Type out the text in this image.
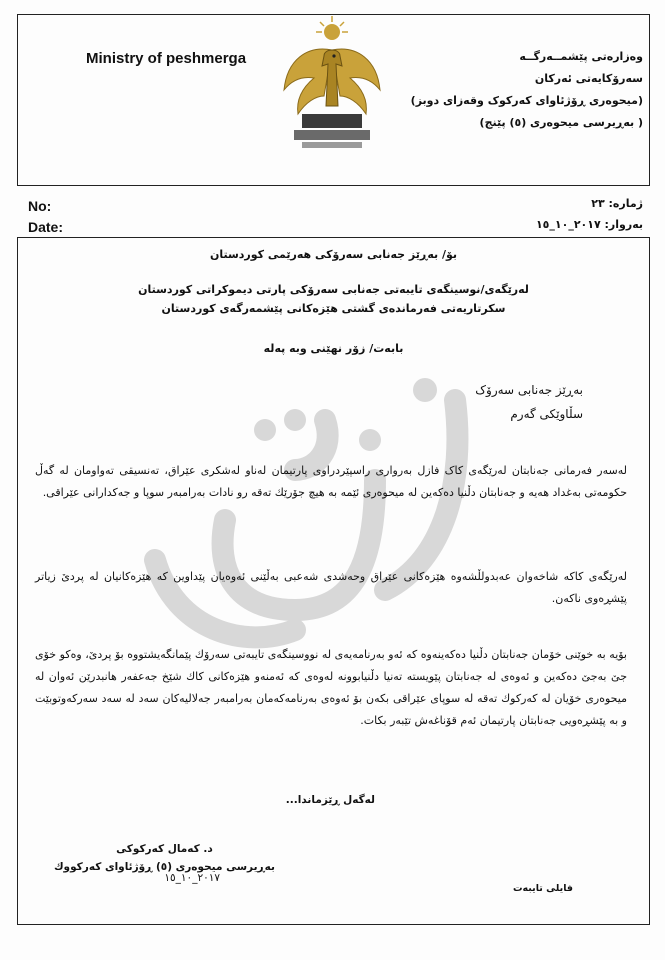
Ministry of peshmerga	وەزارەتی پێشمــەرگــە
سەرۆکایەتی ئەرکان
(میحوەری ڕۆژئاوای کەرکوک وقەزای دوبز)
( بەڕیرسی میحوەری (٥) پێنج)
No:
Date:
ژمارە: ٢٣
بەروار: ٢٠١٧_١٠_١٥
بۆ/ بەڕێز جەنابی سەرۆکی هەرێمی کوردستان
لەرێگەی/نوسینگەی تایبەتی جەنابی سەرۆکی پارتی دیموکراتی کوردستان
سکرتاریەتی فەرماندەی گشتی هێزەکانی پێشمەرگەی کوردستان
بابەت/ زۆر نهێنی وبە پەلە
بەڕێز جەنابی سەرۆک
سڵاوێکی گەرم
لەسەر فەرمانی جەنابتان لەرێگەی کاک فازل بەرواری راسپێردراوی پارتیمان لەناو لەشکری عێراق، تەنسیقی تەواومان لە گەڵ حکومەتی بەغداد هەیە و جەنابتان دڵنیا دەکەین لە میحوەری ئێمە بە هیچ جۆرێك تەقە رو نادات بەرامبەر سوپا و جەکدارانی عێراقی.
لەرێگەی کاکە شاخەوان عەبدولڵشەوە هێزەکانی عێراق وحەشدی شەعبی بەڵێنی ئەوەیان پێداوین کە هێزەکانیان لە پردێ زیاتر پێشڕەوی ناکەن.
بۆیە بە خوێنی خۆمان جەنابتان دڵنیا دەکەینەوە کە ئەو بەرنامەیەی لە نووسینگەی تایبەتی سەرۆك پێمانگەیشتووە بۆ پردێ، وەکو خۆی جێ بەجێ دەکەین و ئەوەی لە جەنابتان پێویستە تەنیا دڵنیابوونە لەوەی کە ئەمنەو هێزەکانی کاك شێخ جەعفەر هانبدرێن ئەوان لە میحوەری خۆیان لە کەرکوك تەقە لە سوپای عێراقی بکەن بۆ ئەوەی بەرنامەکەمان بەرامبەر جەلالیەکان سەد لە سەد سەرکەوتوبێت و بە پێشڕەویی جەنابتان پارتیمان ئەم قۆناغەش تێبەر بکات.
لەگەل ڕێزماندا...
د. کەمال کەرکوکی
بەڕیرسی میحوەری (٥) ڕۆژئاوای کەرکووك
٢٠١٧_١٠_١٥
فایلی تایبەت
